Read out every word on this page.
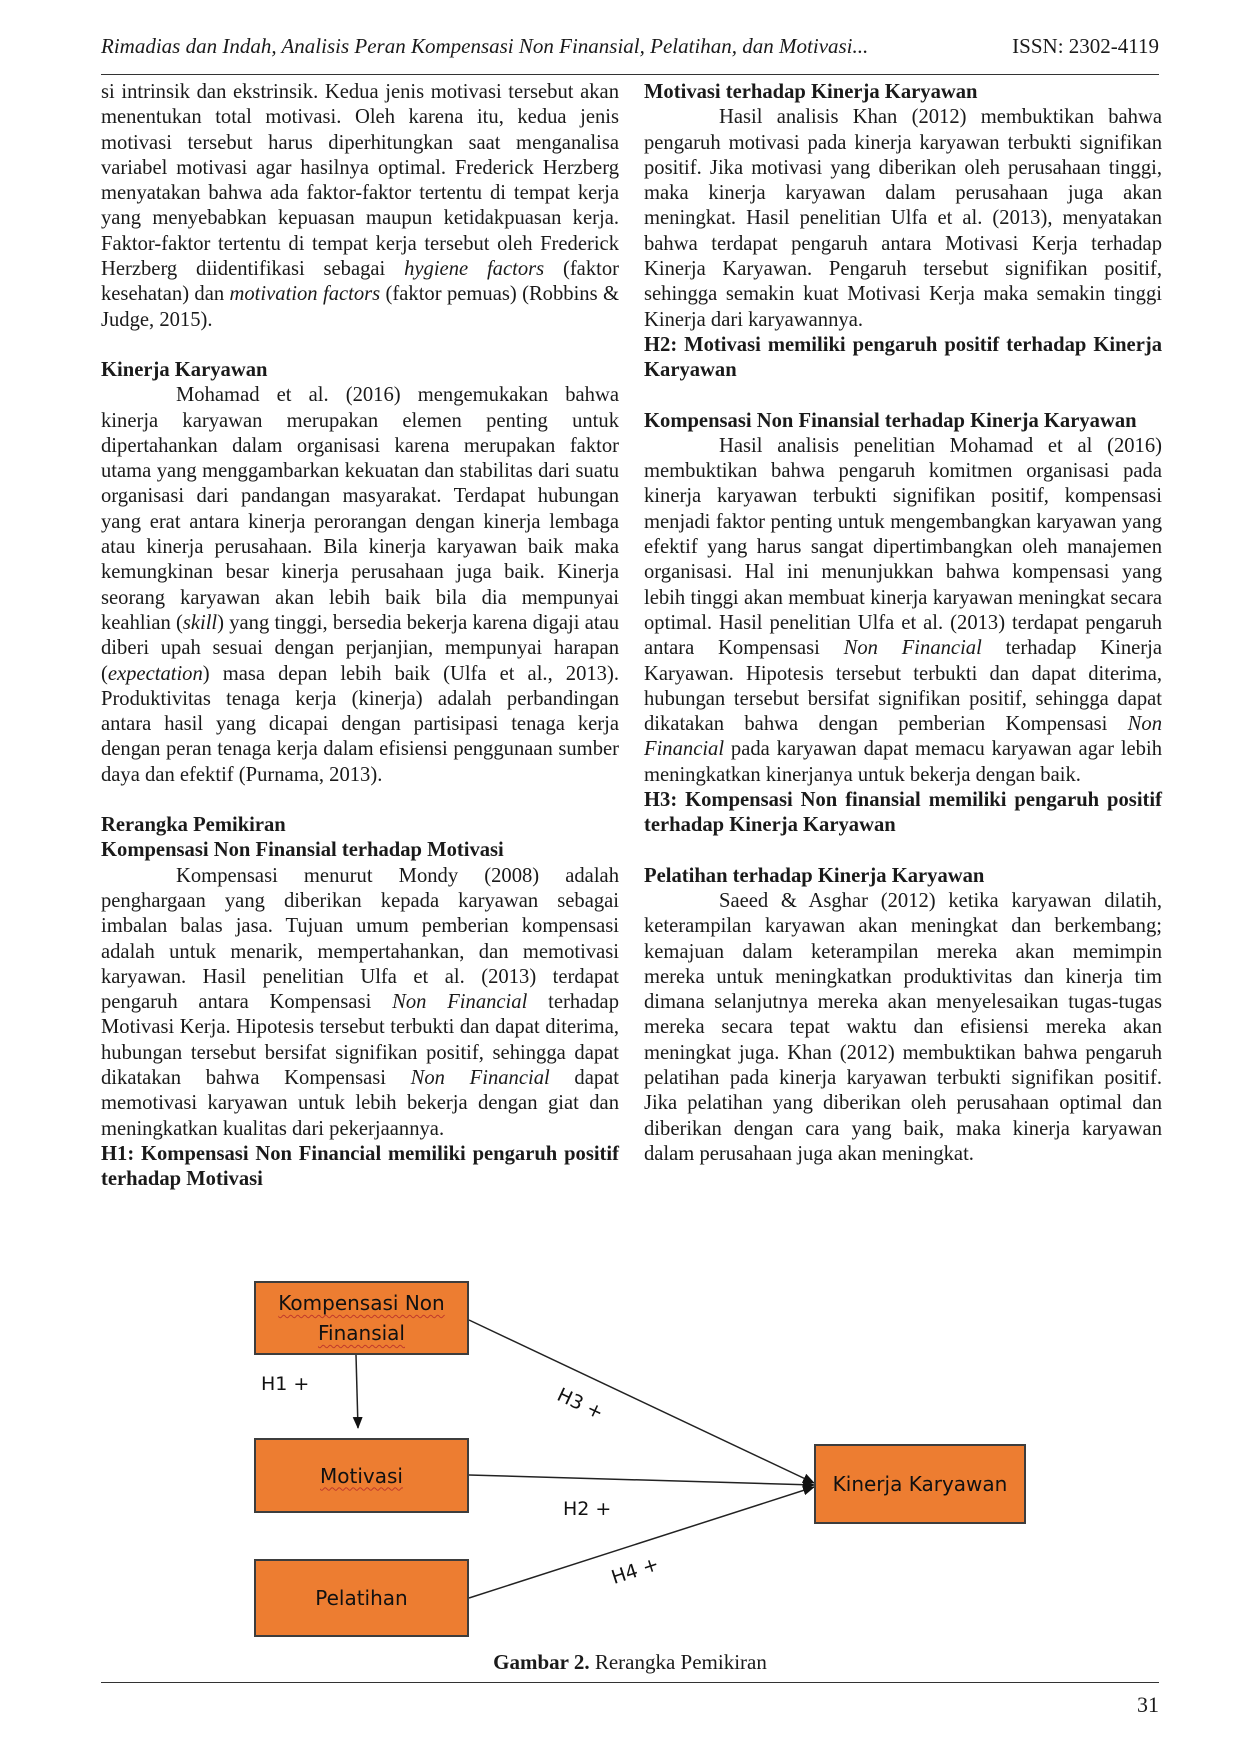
Rimadias dan Indah, Analisis Peran Kompensasi Non Finansial, Pelatihan, dan Motivasi...	ISSN: 2302-4119

si intrinsik dan ekstrinsik. Kedua jenis motivasi tersebut akan menentukan total motivasi. Oleh karena itu, kedua jenis motivasi tersebut harus diperhitungkan saat menganalisa variabel motivasi agar hasilnya optimal. Frederick Herzberg menyatakan bahwa ada faktor-faktor tertentu di tempat kerja yang menyebabkan kepuasan maupun ketidakpuasan kerja. Faktor-faktor tertentu di tempat kerja tersebut oleh Frederick Herzberg diidentifikasi sebagai hygiene factors (faktor kesehatan) dan motivation factors (faktor pemuas) (Robbins & Judge, 2015).

Kinerja Karyawan

Mohamad et al. (2016) mengemukakan bahwa kinerja karyawan merupakan elemen penting untuk dipertahankan dalam organisasi karena merupakan faktor utama yang menggambarkan kekuatan dan stabilitas dari suatu organisasi dari pandangan masyarakat. Terdapat hubungan yang erat antara kinerja perorangan dengan kinerja lembaga atau kinerja perusahaan. Bila kinerja karyawan baik maka kemungkinan besar kinerja perusahaan juga baik. Kinerja seorang karyawan akan lebih baik bila dia mempunyai keahlian (skill) yang tinggi, bersedia bekerja karena digaji atau diberi upah sesuai dengan perjanjian, mempunyai harapan (expectation) masa depan lebih baik (Ulfa et al., 2013). Produktivitas tenaga kerja (kinerja) adalah perbandingan antara hasil yang dicapai dengan partisipasi tenaga kerja dengan peran tenaga kerja dalam efisiensi penggunaan sumber daya dan efektif (Purnama, 2013).

Rerangka Pemikiran
Kompensasi Non Finansial terhadap Motivasi

Kompensasi menurut Mondy (2008) adalah penghargaan yang diberikan kepada karyawan sebagai imbalan balas jasa. Tujuan umum pemberian kompensasi adalah untuk menarik, mempertahankan, dan memotivasi karyawan. Hasil penelitian Ulfa et al. (2013) terdapat pengaruh antara Kompensasi Non Financial terhadap Motivasi Kerja. Hipotesis tersebut terbukti dan dapat diterima, hubungan tersebut bersifat signifikan positif, sehingga dapat dikatakan bahwa Kompensasi Non Financial dapat memotivasi karyawan untuk lebih bekerja dengan giat dan meningkatkan kualitas dari pekerjaannya.

H1: Kompensasi Non Financial memiliki pengaruh positif terhadap Motivasi

Motivasi terhadap Kinerja Karyawan

Hasil analisis Khan (2012) membuktikan bahwa pengaruh motivasi pada kinerja karyawan terbukti signifikan positif. Jika motivasi yang diberikan oleh perusahaan tinggi, maka kinerja karyawan dalam perusahaan juga akan meningkat. Hasil penelitian Ulfa et al. (2013), menyatakan bahwa terdapat pengaruh antara Motivasi Kerja terhadap Kinerja Karyawan. Pengaruh tersebut signifikan positif, sehingga semakin kuat Motivasi Kerja maka semakin tinggi Kinerja dari karyawannya.

H2: Motivasi memiliki pengaruh positif terhadap Kinerja Karyawan

Kompensasi Non Finansial terhadap Kinerja Karyawan

Hasil analisis penelitian Mohamad et al (2016) membuktikan bahwa pengaruh komitmen organisasi pada kinerja karyawan terbukti signifikan positif, kompensasi menjadi faktor penting untuk mengembangkan karyawan yang efektif yang harus sangat dipertimbangkan oleh manajemen organisasi. Hal ini menunjukkan bahwa kompensasi yang lebih tinggi akan membuat kinerja karyawan meningkat secara optimal. Hasil penelitian Ulfa et al. (2013) terdapat pengaruh antara Kompensasi Non Financial terhadap Kinerja Karyawan. Hipotesis tersebut terbukti dan dapat diterima, hubungan tersebut bersifat signifikan positif, sehingga dapat dikatakan bahwa dengan pemberian Kompensasi Non Financial pada karyawan dapat memacu karyawan agar lebih meningkatkan kinerjanya untuk bekerja dengan baik.

H3: Kompensasi Non finansial memiliki pengaruh positif terhadap Kinerja Karyawan

Pelatihan terhadap Kinerja Karyawan

Saeed & Asghar (2012) ketika karyawan dilatih, keterampilan karyawan akan meningkat dan berkembang; kemajuan dalam keterampilan mereka akan memimpin mereka untuk meningkatkan produktivitas dan kinerja tim dimana selanjutnya mereka akan menyelesaikan tugas-tugas mereka secara tepat waktu dan efisiensi mereka akan meningkat juga. Khan (2012) membuktikan bahwa pengaruh pelatihan pada kinerja karyawan terbukti signifikan positif. Jika pelatihan yang diberikan oleh perusahaan optimal dan diberikan dengan cara yang baik, maka kinerja karyawan dalam perusahaan juga akan meningkat.

Kompensasi Non
Finansial
Motivasi
Pelatihan
Kinerja Karyawan
H1 +	H3 +
H2 +
H4 +
Gambar 2. Rerangka Pemikiran
31
